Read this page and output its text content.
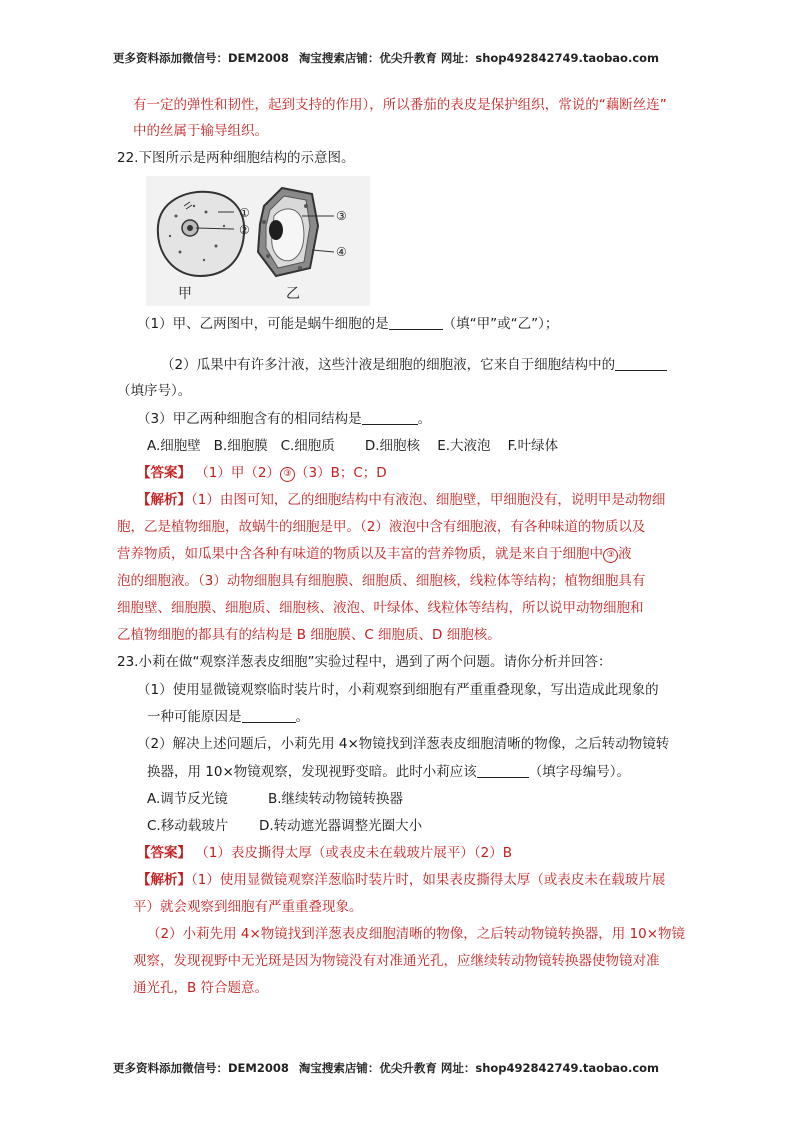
更多资料添加微信号：DEM2008 淘宝搜索店铺：优尖升教育 网址：shop492842749.taobao.com
有一定的弹性和韧性，起到支持的作用），所以番茄的表皮是保护组织，常说的“藕断丝连”
中的丝属于输导组织。
22.下图所示是两种细胞结构的示意图。
①
②
③
④
甲	乙
（1）甲、乙两图中，可能是蜗牛细胞的是	（填“甲”或“乙”）；
（2）瓜果中有许多汁液，这些汁液是细胞的细胞液，它来自于细胞结构中的
（填序号）。
（3）甲乙两种细胞含有的相同结构是	。
A.细胞壁   B.细胞膜   C.细胞质       D.细胞核    E.大液泡    F.叶绿体
【答案】 （1）甲（2） ③ （3）B；C；D
【解析】（1）由图可知，乙的细胞结构中有液泡、细胞壁，甲细胞没有，说明甲是动物细
胞，乙是植物细胞，故蜗牛的细胞是甲。（2）液泡中含有细胞液，有各种味道的物质以及
营养物质，如瓜果中含各种有味道的物质以及丰富的营养物质，就是来自于细胞中 ③ 液
泡的细胞液。（3）动物细胞具有细胞膜、细胞质、细胞核，线粒体等结构；植物细胞具有
细胞壁、细胞膜、细胞质、细胞核、液泡、叶绿体、线粒体等结构，所以说甲动物细胞和
乙植物细胞的都具有的结构是 B 细胞膜、C 细胞质、D 细胞核。
23.小莉在做“观察洋葱表皮细胞”实验过程中，遇到了两个问题。请你分析并回答：
（1）使用显微镜观察临时装片时，小莉观察到细胞有严重重叠现象，写出造成此现象的
一种可能原因是	。
（2）解决上述问题后，小莉先用 4×物镜找到洋葱表皮细胞清晰的物像，之后转动物镜转
换器，用 10×物镜观察，发现视野变暗。此时小莉应该	（填字母编号）。
A.调节反光镜	B.继续转动物镜转换器
C.移动载玻片 D.转动遮光器调整光圈大小
【答案】 （1）表皮撕得太厚（或表皮未在载玻片展平）（2）B
【解析】（1）使用显微镜观察洋葱临时装片时，如果表皮撕得太厚（或表皮未在载玻片展
平）就会观察到细胞有严重重叠现象。
（2）小莉先用 4×物镜找到洋葱表皮细胞清晰的物像，之后转动物镜转换器，用 10×物镜
观察，发现视野中无光斑是因为物镜没有对准通光孔，应继续转动物镜转换器使物镜对准
通光孔，B 符合题意。
更多资料添加微信号：DEM2008 淘宝搜索店铺：优尖升教育 网址：shop492842749.taobao.com
